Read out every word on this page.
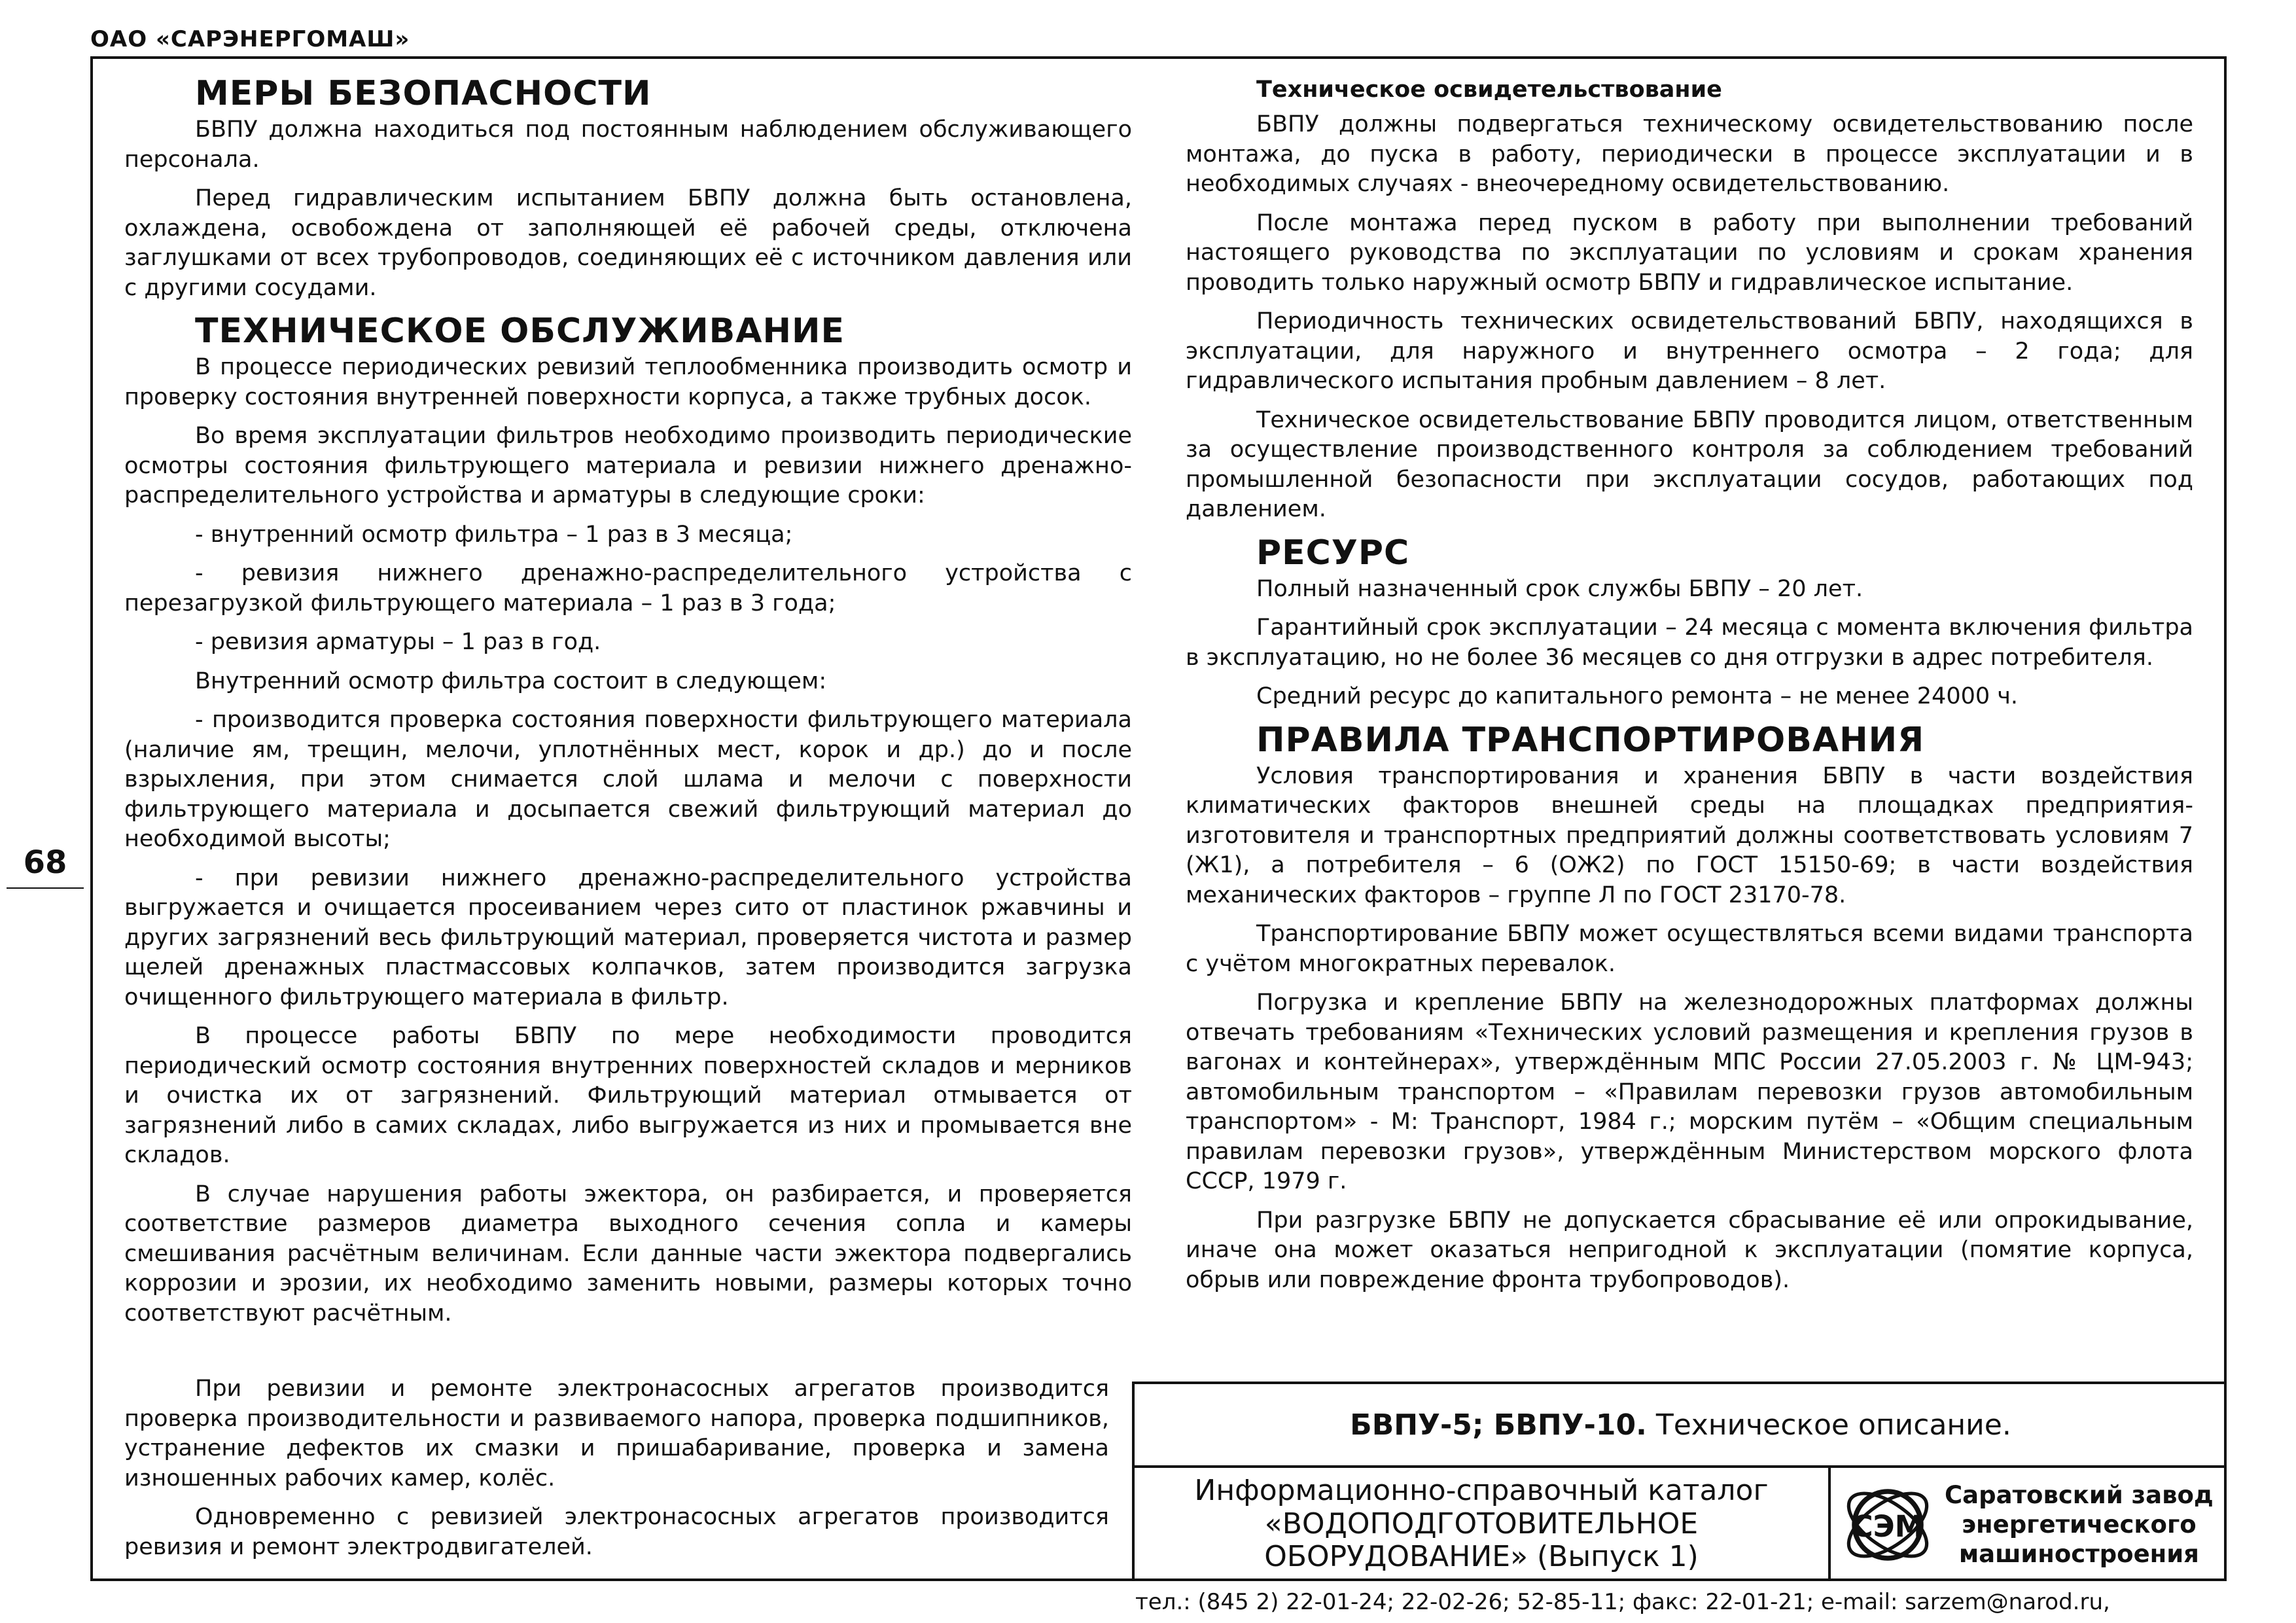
ОАО «САРЭНЕРГОМАШ»
68
МЕРЫ БЕЗОПАСНОСТИ

БВПУ должна находиться под постоянным наблюдением обслуживающего персонала.

Перед гидравлическим испытанием БВПУ должна быть остановлена, охлаждена, освобождена от заполняющей её рабочей среды, отключена заглушками от всех трубопроводов, соединяющих её с источником давления или с другими сосудами.

ТЕХНИЧЕСКОЕ ОБСЛУЖИВАНИЕ

В процессе периодических ревизий теплообменника производить осмотр и проверку состояния внутренней поверхности корпуса, а также трубных досок.

Во время эксплуатации фильтров необходимо производить периодические осмотры состояния фильтрующего материала и ревизии нижнего дренажно-распределительного устройства и арматуры в следующие сроки:

- внутренний осмотр фильтра – 1 раз в 3 месяца;

- ревизия нижнего дренажно-распределительного устройства с перезагрузкой фильтрующего материала – 1 раз в 3 года;

- ревизия арматуры – 1 раз в год.

Внутренний осмотр фильтра состоит в следующем:

- производится проверка состояния поверхности фильтрующего материала (наличие ям, трещин, мелочи, уплотнённых мест, корок и др.) до и после взрыхления, при этом снимается слой шлама и мелочи с поверхности фильтрующего материала и досыпается свежий фильтрующий материал до необходимой высоты;

- при ревизии нижнего дренажно-распределительного устройства выгружается и очищается просеиванием через сито от пластинок ржавчины и других загрязнений весь фильтрующий материал, проверяется чистота и размер щелей дренажных пластмассовых колпачков, затем производится загрузка очищенного фильтрующего материала в фильтр.

В процессе работы БВПУ по мере необходимости проводится периодический осмотр состояния внутренних поверхностей складов и мерников и очистка их от загрязнений. Фильтрующий материал отмывается от загрязнений либо в самих складах, либо выгружается из них и промывается вне складов.

В случае нарушения работы эжектора, он разбирается, и проверяется соответствие размеров диаметра выходного сечения сопла и камеры смешивания расчётным величинам. Если данные части эжектора подвергались коррозии и эрозии, их необходимо заменить новыми, размеры которых точно соответствуют расчётным.

При ревизии и ремонте электронасосных агрегатов производится проверка производительности и развиваемого напора, проверка подшипников, устранение дефектов их смазки и пришабаривание, проверка и замена изношенных рабочих камер, колёс.

Одновременно с ревизией электронасосных агрегатов производится ревизия и ремонт электродвигателей.

Техническое освидетельствование

БВПУ должны подвергаться техническому освидетельствованию после монтажа, до пуска в работу, периодически в процессе эксплуатации и в необходимых случаях - внеочередному освидетельствованию.

После монтажа перед пуском в работу при выполнении требований настоящего руководства по эксплуатации по условиям и срокам хранения проводить только наружный осмотр БВПУ и гидравлическое испытание.

Периодичность технических освидетельствований БВПУ, находящихся в эксплуатации, для наружного и внутреннего осмотра – 2 года; для гидравлического испытания пробным давлением – 8 лет.

Техническое освидетельствование БВПУ проводится лицом, ответственным за осуществление производственного контроля за соблюдением требований промышленной безопасности при эксплуатации сосудов, работающих под давлением.

РЕСУРС

Полный назначенный срок службы БВПУ – 20 лет.

Гарантийный срок эксплуатации – 24 месяца с момента включения фильтра в эксплуатацию, но не более 36 месяцев со дня отгрузки в адрес потребителя.

Средний ресурс до капитального ремонта – не менее 24000 ч.

ПРАВИЛА ТРАНСПОРТИРОВАНИЯ

Условия транспортирования и хранения БВПУ в части воздействия климатических факторов внешней среды на площадках предприятия-изготовителя и транспортных предприятий должны соответствовать условиям 7 (Ж1), а потребителя – 6 (ОЖ2) по ГОСТ 15150-69; в части воздействия механических факторов – группе Л по ГОСТ 23170-78.

Транспортирование БВПУ может осуществляться всеми видами транспорта с учётом многократных перевалок.

Погрузка и крепление БВПУ на железнодорожных платформах должны отвечать требованиям «Технических условий размещения и крепления грузов в вагонах и контейнерах», утверждённым МПС России 27.05.2003 г. № ЦМ-943; автомобильным транспортом – «Правилам перевозки грузов автомобильным транспортом» - М: Транспорт, 1984 г.; морским путём – «Общим специальным правилам перевозки грузов», утверждённым Министерством морского флота СССР, 1979 г.

При разгрузке БВПУ не допускается сбрасывание её или опрокидывание, иначе она может оказаться непригодной к эксплуатации (помятие корпуса, обрыв или повреждение фронта трубопроводов).

БВПУ-5; БВПУ-10.
Техническое описание.
Информационно-справочный каталог
«ВОДОПОДГОТОВИТЕЛЬНОЕ
ОБОРУДОВАНИЕ» (Выпуск 1)
СЭМ
Саратовский завод
энергетического
машиностроения
тел.: (845 2) 22-01-24; 22-02-26; 52-85-11; факс: 22-01-21; e-mail: sarzem@narod.ru,
